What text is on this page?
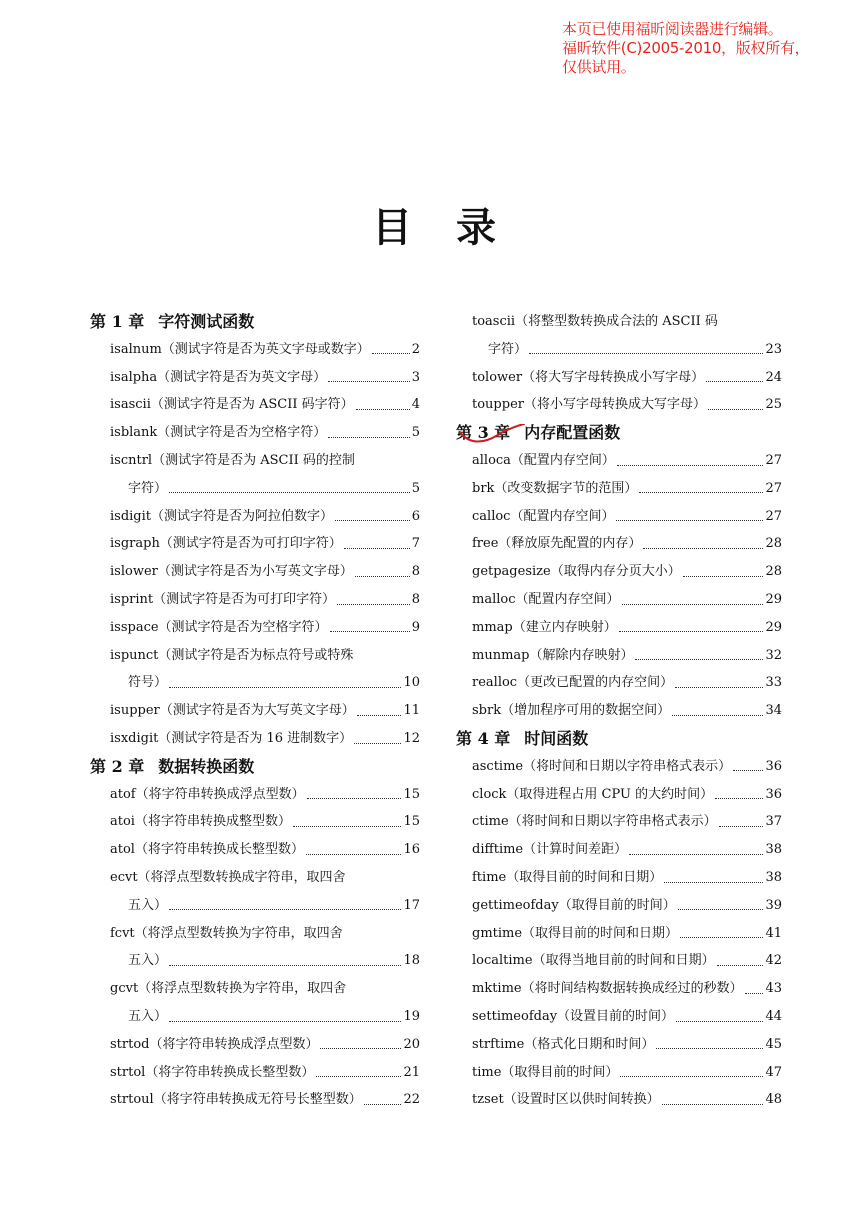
本页已使用福昕阅读器进行编辑。
福昕软件(C)2005-2010，版权所有，
仅供试用。
目录
第 1 章 字符测试函数
isalnum（测试字符是否为英文字母或数字）	2
isalpha（测试字符是否为英文字母）	3
isascii（测试字符是否为 ASCII 码字符）	4
isblank（测试字符是否为空格字符）	5
iscntrl（测试字符是否为 ASCII 码的控制
字符）	5
isdigit（测试字符是否为阿拉伯数字）	6
isgraph（测试字符是否为可打印字符）	7
islower（测试字符是否为小写英文字母）	8
isprint（测试字符是否为可打印字符）	8
isspace（测试字符是否为空格字符）	9
ispunct（测试字符是否为标点符号或特殊
符号）	10
isupper（测试字符是否为大写英文字母）	11
isxdigit（测试字符是否为 16 进制数字）	12
第 2 章 数据转换函数
atof（将字符串转换成浮点型数）	15
atoi（将字符串转换成整型数）	15
atol（将字符串转换成长整型数）	16
ecvt（将浮点型数转换成字符串，取四舍
五入）	17
fcvt（将浮点型数转换为字符串，取四舍
五入）	18
gcvt（将浮点型数转换为字符串，取四舍
五入）	19
strtod（将字符串转换成浮点型数）	20
strtol（将字符串转换成长整型数）	21
strtoul（将字符串转换成无符号长整型数）	22
toascii（将整型数转换成合法的 ASCII 码
字符）	23
tolower（将大写字母转换成小写字母）	24
toupper（将小写字母转换成大写字母）	25
第 3 章 内存配置函数
alloca（配置内存空间）	27
brk（改变数据字节的范围）	27
calloc（配置内存空间）	27
free（释放原先配置的内存）	28
getpagesize（取得内存分页大小）	28
malloc（配置内存空间）	29
mmap（建立内存映射）	29
munmap（解除内存映射）	32
realloc（更改已配置的内存空间）	33
sbrk（增加程序可用的数据空间）	34
第 4 章 时间函数
asctime（将时间和日期以字符串格式表示）	36
clock（取得进程占用 CPU 的大约时间）	36
ctime（将时间和日期以字符串格式表示）	37
difftime（计算时间差距）	38
ftime（取得目前的时间和日期）	38
gettimeofday（取得目前的时间）	39
gmtime（取得目前的时间和日期）	41
localtime（取得当地目前的时间和日期）	42
mktime（将时间结构数据转换成经过的秒数） 43
settimeofday（设置目前的时间）	44
strftime（格式化日期和时间）	45
time（取得目前的时间）	47
tzset（设置时区以供时间转换）	48
